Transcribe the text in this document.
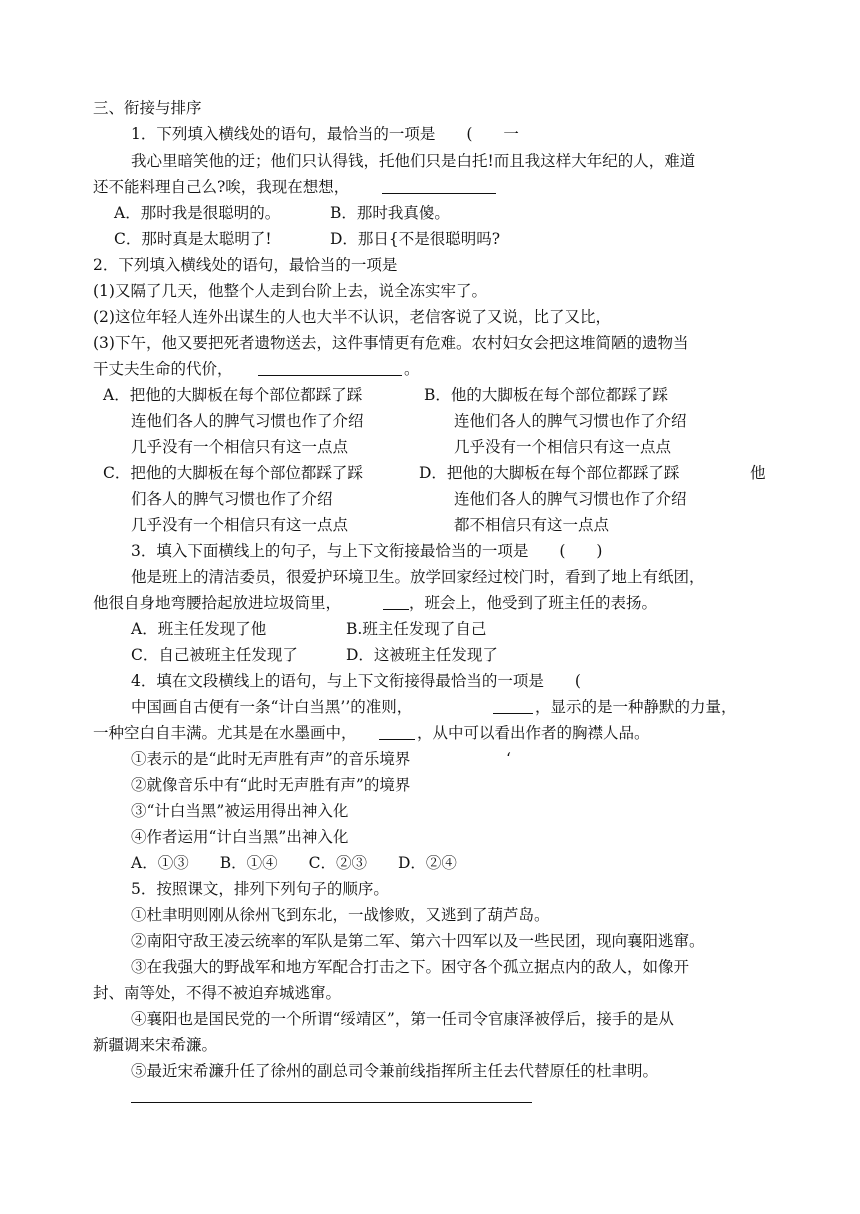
三、衔接与排序
1．下列填入横线处的语句，最恰当的一项是　　(　　一
我心里暗笑他的迂；他们只认得钱，托他们只是白托!而且我这样大年纪的人，难道
还不能料理自己么?唉，我现在想想，
A．那时我是很聪明的。	B．那时我真傻。
C．那时真是太聪明了!	D．那日{不是很聪明吗?
2．下列填入横线处的语句，最恰当的一项是
(1)又隔了几天，他整个人走到台阶上去，说全冻实牢了。
(2)这位年轻人连外出谋生的人也大半不认识，老信客说了又说，比了又比，
(3)下午，他又要把死者遗物送去，这件事情更有危难。农村妇女会把这堆简陋的遗物当
干丈夫生命的代价，	。
A．把他的大脚板在每个部位都踩了踩
连他们各人的脾气习惯也作了介绍
几乎没有一个相信只有这一点点
B．他的大脚板在每个部位都踩了踩
连他们各人的脾气习惯也作了介绍
几乎没有一个相信只有这一点点
C．把他的大脚板在每个部位都踩了踩
们各人的脾气习惯也作了介绍
几乎没有一个相信只有这一点点
D．把他的大脚板在每个部位都踩了踩	他
连他们各人的脾气习惯也作了介绍
都不相信只有这一点点
3．填入下面横线上的句子，与上下文衔接最恰当的一项是　　(　　)
他是班上的清洁委员，很爱护环境卫生。放学回家经过校门时，看到了地上有纸团，
他很自身地弯腰拾起放进垃圾筒里，	，班会上，他受到了班主任的表扬。
A．班主任发现了他	B.班主任发现了自己
C．自己被班主任发现了	D．这被班主任发现了
4．填在文段横线上的语句，与上下文衔接得最恰当的一项是　　(
中国画自古便有一条“计白当黑’’的准则，	，显示的是一种静默的力量，
一种空白自丰满。尤其是在水墨画中，	，从中可以看出作者的胸襟人品。
①表示的是“此时无声胜有声”的音乐境界	‘
②就像音乐中有“此时无声胜有声”的境界
③“计白当黑”被运用得出神入化
④作者运用“计白当黑”出神入化
A．①③　　B．①④　　C．②③　　D．②④
5．按照课文，排列下列句子的顺序。
①杜聿明则刚从徐州飞到东北，一战惨败，又逃到了葫芦岛。
②南阳守敌王凌云统率的军队是第二军、第六十四军以及一些民团，现向襄阳逃窜。
③在我强大的野战军和地方军配合打击之下。困守各个孤立据点内的敌人，如像开
封、南等处，不得不被迫弃城逃窜。
④襄阳也是国民党的一个所谓“绥靖区”，第一任司令官康泽被俘后，接手的是从
新疆调来宋希濂。
⑤最近宋希濂升任了徐州的副总司令兼前线指挥所主任去代替原任的杜聿明。
